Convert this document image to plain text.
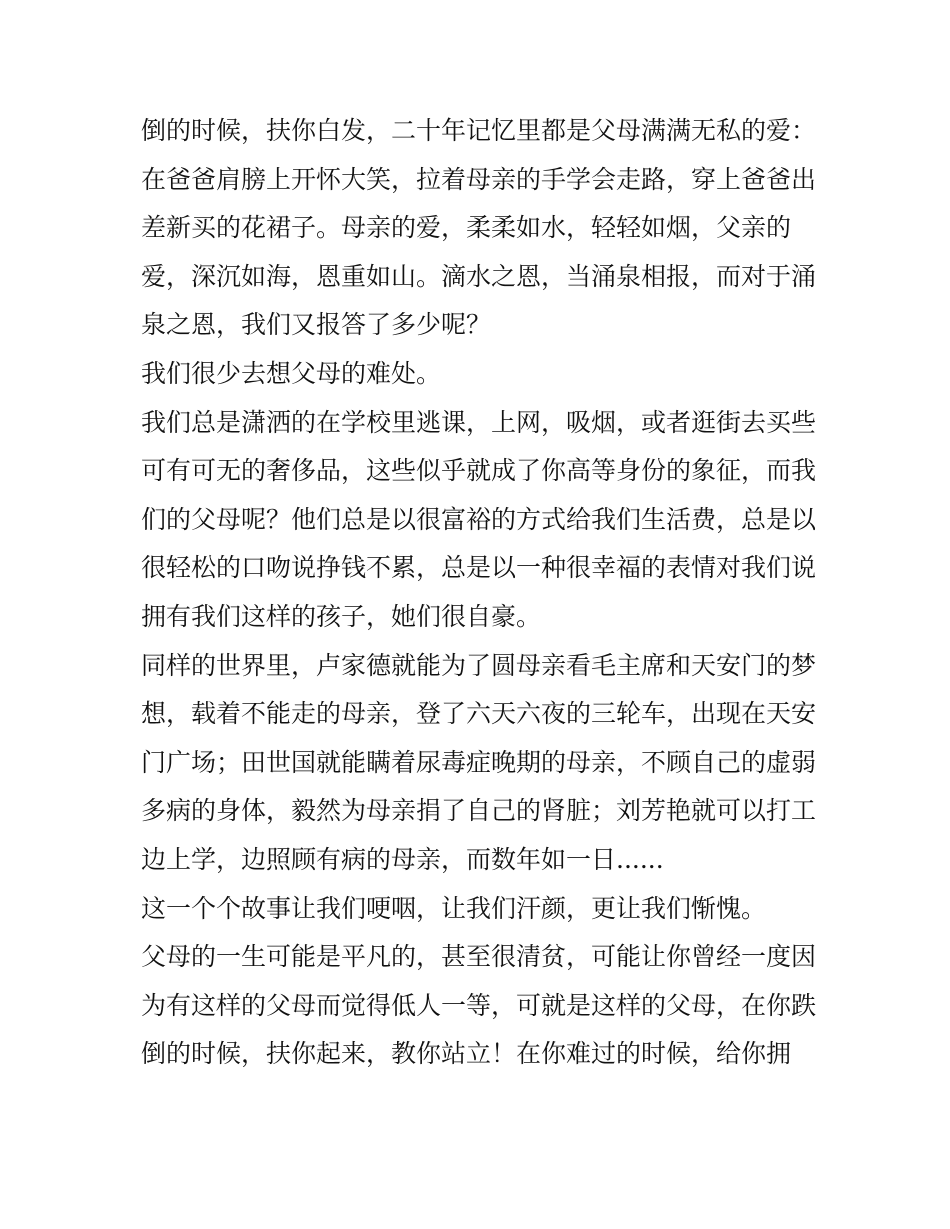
倒的时候，扶你白发，二十年记忆里都是父母满满无私的爱：
在爸爸肩膀上开怀大笑，拉着母亲的手学会走路，穿上爸爸出
差新买的花裙子。母亲的爱，柔柔如水，轻轻如烟，父亲的
爱，深沉如海，恩重如山。滴水之恩，当涌泉相报，而对于涌
泉之恩，我们又报答了多少呢？
我们很少去想父母的难处。
我们总是潇洒的在学校里逃课，上网，吸烟，或者逛街去买些
可有可无的奢侈品，这些似乎就成了你高等身份的象征，而我
们的父母呢？他们总是以很富裕的方式给我们生活费，总是以
很轻松的口吻说挣钱不累，总是以一种很幸福的表情对我们说
拥有我们这样的孩子，她们很自豪。
同样的世界里，卢家德就能为了圆母亲看毛主席和天安门的梦
想，载着不能走的母亲，登了六天六夜的三轮车，出现在天安
门广场；田世国就能瞒着尿毒症晚期的母亲，不顾自己的虚弱
多病的身体，毅然为母亲捐了自己的肾脏；刘芳艳就可以打工
边上学，边照顾有病的母亲，而数年如一日......
这一个个故事让我们哽咽，让我们汗颜，更让我们惭愧。
父母的一生可能是平凡的，甚至很清贫，可能让你曾经一度因
为有这样的父母而觉得低人一等，可就是这样的父母，在你跌
倒的时候，扶你起来，教你站立！在你难过的时候，给你拥
